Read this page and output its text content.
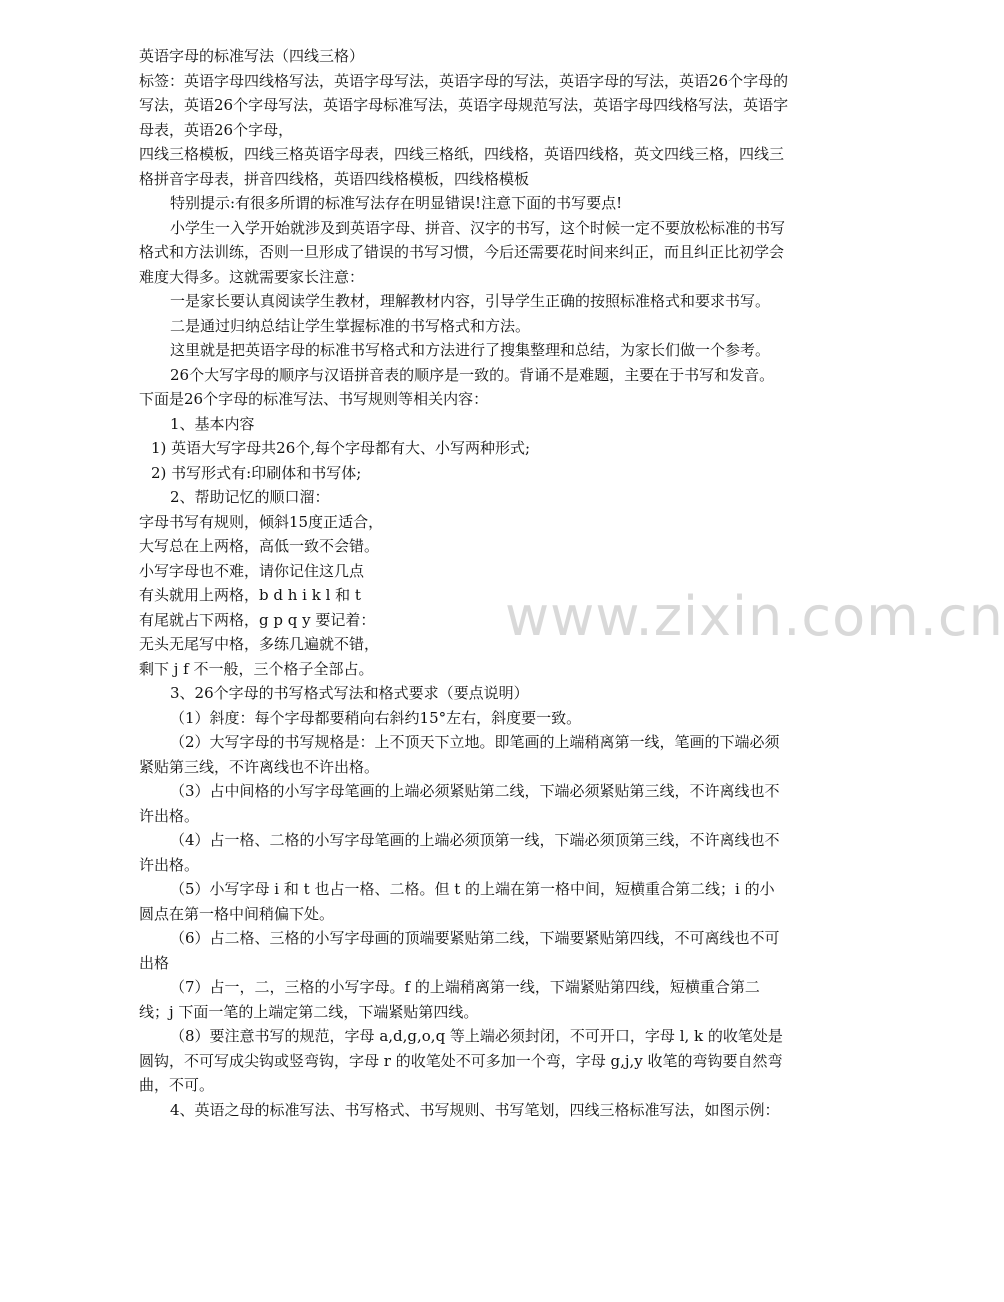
英语字母的标准写法（四线三格）

标签：英语字母四线格写法，英语字母写法，英语字母的写法，英语字母的写法，英语26个字母的写法，英语26个字母写法，英语字母标准写法，英语字母规范写法，英语字母四线格写法，英语字母表，英语26个字母，

四线三格模板，四线三格英语字母表，四线三格纸，四线格，英语四线格，英文四线三格，四线三格拼音字母表，拼音四线格，英语四线格模板，四线格模板

特别提示:有很多所谓的标准写法存在明显错误!注意下面的书写要点!

小学生一入学开始就涉及到英语字母、拼音、汉字的书写，这个时候一定不要放松标准的书写格式和方法训练，否则一旦形成了错误的书写习惯，今后还需要花时间来纠正，而且纠正比初学会难度大得多。这就需要家长注意：

一是家长要认真阅读学生教材，理解教材内容，引导学生正确的按照标准格式和要求书写。

二是通过归纳总结让学生掌握标准的书写格式和方法。

这里就是把英语字母的标准书写格式和方法进行了搜集整理和总结，为家长们做一个参考。

26个大写字母的顺序与汉语拼音表的顺序是一致的。背诵不是难题，主要在于书写和发音。下面是26个字母的标准写法、书写规则等相关内容：

1、基本内容

1) 英语大写字母共26个,每个字母都有大、小写两种形式;

2) 书写形式有:印刷体和书写体;

2、帮助记忆的顺口溜：

字母书写有规则，倾斜15度正适合，

大写总在上两格，高低一致不会错。

小写字母也不难，请你记住这几点

有头就用上两格，b d h i k l 和 t

有尾就占下两格，g p q y 要记着：

无头无尾写中格，多练几遍就不错，

剩下 j f 不一般，三个格子全部占。

3、26个字母的书写格式写法和格式要求（要点说明）

（1）斜度：每个字母都要稍向右斜约15°左右，斜度要一致。

（2）大写字母的书写规格是：上不顶天下立地。即笔画的上端稍离第一线，笔画的下端必须紧贴第三线，不许离线也不许出格。

（3）占中间格的小写字母笔画的上端必须紧贴第二线，下端必须紧贴第三线，不许离线也不许出格。

（4）占一格、二格的小写字母笔画的上端必须顶第一线，下端必须顶第三线，不许离线也不许出格。

（5）小写字母 i 和 t 也占一格、二格。但 t 的上端在第一格中间，短横重合第二线；i 的小圆点在第一格中间稍偏下处。

（6）占二格、三格的小写字母画的顶端要紧贴第二线，下端要紧贴第四线，不可离线也不可出格

（7）占一，二，三格的小写字母。f 的上端稍离第一线，下端紧贴第四线，短横重合第二线；j 下面一笔的上端定第二线，下端紧贴第四线。

（8）要注意书写的规范，字母 a,d,g,o,q 等上端必须封闭，不可开口，字母 l, k 的收笔处是圆钩，不可写成尖钩或竖弯钩，字母 r 的收笔处不可多加一个弯，字母 g,j,y 收笔的弯钩要自然弯曲，不可。

4、英语之母的标准写法、书写格式、书写规则、书写笔划，四线三格标准写法，如图示例：

www.zixin.com.cn
